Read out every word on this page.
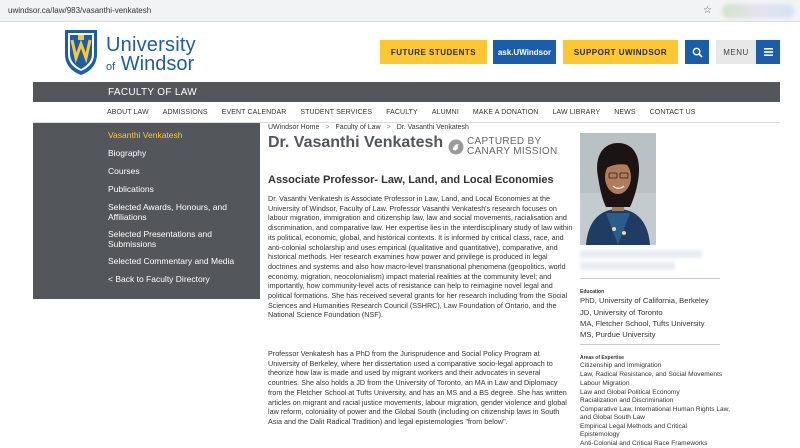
uwindsor.ca/law/983/vasanthi-venkatesh	☆
University
of Windsor
FUTURE STUDENTS	ask.UWindsor	SUPPORT UWINDSOR	MENU
FACULTY OF LAW
ABOUT LAW ADMISSIONS EVENT CALENDAR STUDENT SERVICES FACULTY ALUMNI MAKE A DONATION LAW LIBRARY NEWS CONTACT US
Vasanthi Venkatesh
Biography
Courses
Publications
Selected Awards, Honours, and Affiliations
Selected Presentations and Submissions
Selected Commentary and Media
< Back to Faculty Directory
UWindsor Home > Faculty of Law > Dr. Vasanthi Venkatesh
Dr. Vasanthi Venkatesh CAPTURED BY
CANARY MISSION
Associate Professor- Law, Land, and Local Economies
Dr. Vasanthi Venkatesh is Associate Professor in Law, Land, and Local Economies at the University of Windsor, Faculty of Law. Professor Vasanthi Venkatesh's research focuses on labour migration, immigration and citizenship law, law and social movements, racialisation and discrimination, and comparative law. Her expertise lies in the interdisciplinary study of law within its political, economic, global, and historical contexts. It is informed by critical class, race, and anti-colonial scholarship and uses empirical (qualitative and quantitative), comparative, and historical methods. Her research examines how power and privilege is produced in legal doctrines and systems and also how macro-level transnational phenomena (geopolitics, world economy, migration, neocolonialism) impact material realities at the community level; and importantly, how community-level acts of resistance can help to reimagine novel legal and political formations. She has received several grants for her research including from the Social Sciences and Humanities Research Council (SSHRC), Law Foundation of Ontario, and the National Science Foundation (NSF).
Professor Venkatesh has a PhD from the Jurisprudence and Social Policy Program at University of Berkeley, where her dissertation used a comparative socio-legal approach to theorize how law is made and used by migrant workers and their advocates in several countries. She also holds a JD from the University of Toronto, an MA in Law and Diplomacy from the Fletcher School at Tufts University, and has an MS and a BS degree. She has written articles on migrant and racial justice movements, labour migration, gender violence and global law reform, coloniality of power and the Global South (including on citizenship laws in South Asia and the Dalit Radical Tradition) and legal epistemologies "from below".
Education
PhD, University of California, Berkeley
JD, University of Toronto
MA, Fletcher School, Tufts University
MS, Purdue University
Areas of Expertise
Citizenship and Immigration
Law, Radical Resistance, and Social Movements
Labour Migration
Law and Global Political Economy
Racialization and Discrimination
Comparative Law, International Human Rights Law, and Global South Law
Empirical Legal Methods and Critical Epistemology
Anti-Colonial and Critical Race Frameworks
